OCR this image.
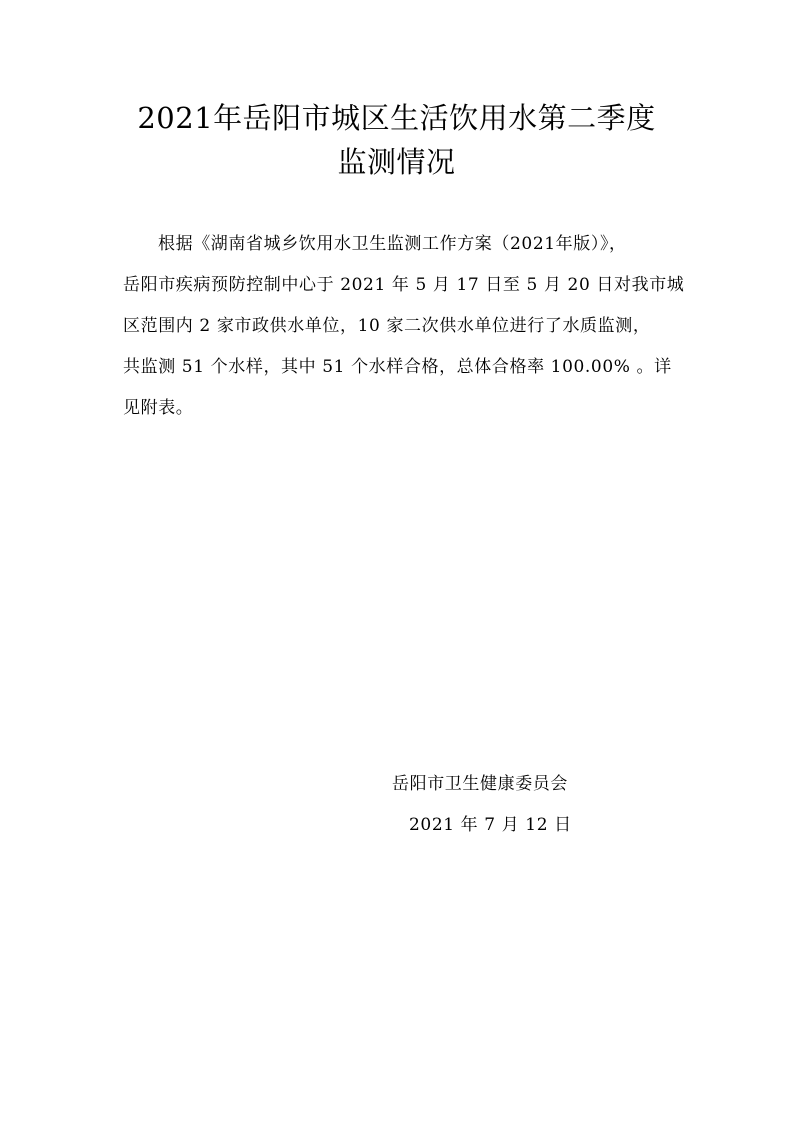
2021年岳阳市城区生活饮用水第二季度
监测情况
根据《湖南省城乡饮用水卫生监测工作方案（2021年版）》，
岳阳市疾病预防控制中心于 2021 年 5 月 17 日至 5 月 20 日对我市城
区范围内 2 家市政供水单位，10 家二次供水单位进行了水质监测，
共监测 51 个水样，其中 51 个水样合格，总体合格率 100.00% 。详
见附表。
岳阳市卫生健康委员会
2021 年 7 月 12 日
